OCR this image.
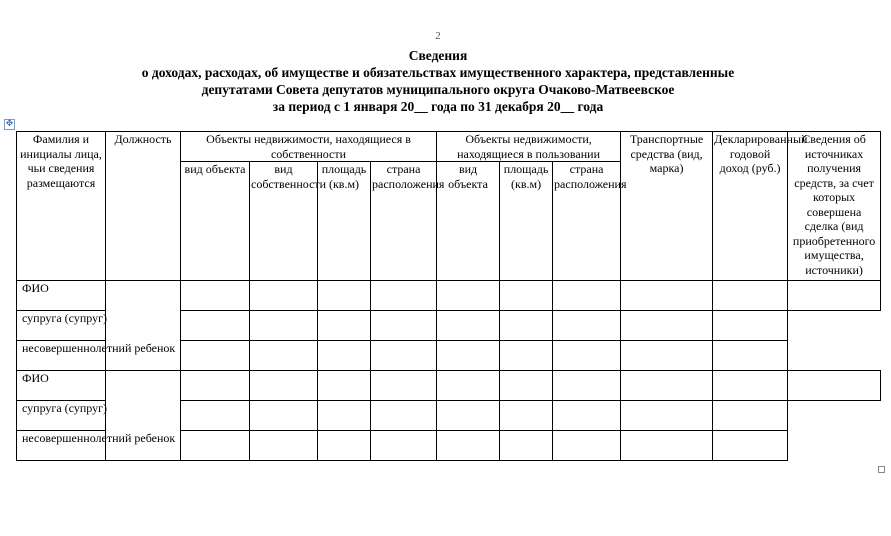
2
Сведения
о доходах, расходах, об имуществе и обязательствах имущественного характера, представленные
депутатами Совета депутатов муниципального округа Очаково-Матвеевское
за период с 1 января 20__ года по 31 декабря 20__ года
✥
Фамилия и инициалы лица, чьи сведения размещаются	Должность	Объекты недвижимости, находящиеся в собственности				Объекты недвижимости, находящиеся в пользовании			Транспортные средства (вид, марка)	Декларированный годовой доход (руб.)	Сведения об источниках получения средств, за счет которых совершена сделка (вид приобретенного имущества, источники)
		вид объекта	вид собственности	площадь (кв.м)	страна расположения	вид объекта	площадь (кв.м)	страна расположения			
ФИО											
супруга (супруг)											
несовершеннолетний ребенок											
ФИО											
супруга (супруг)											
несовершеннолетний ребенок											
